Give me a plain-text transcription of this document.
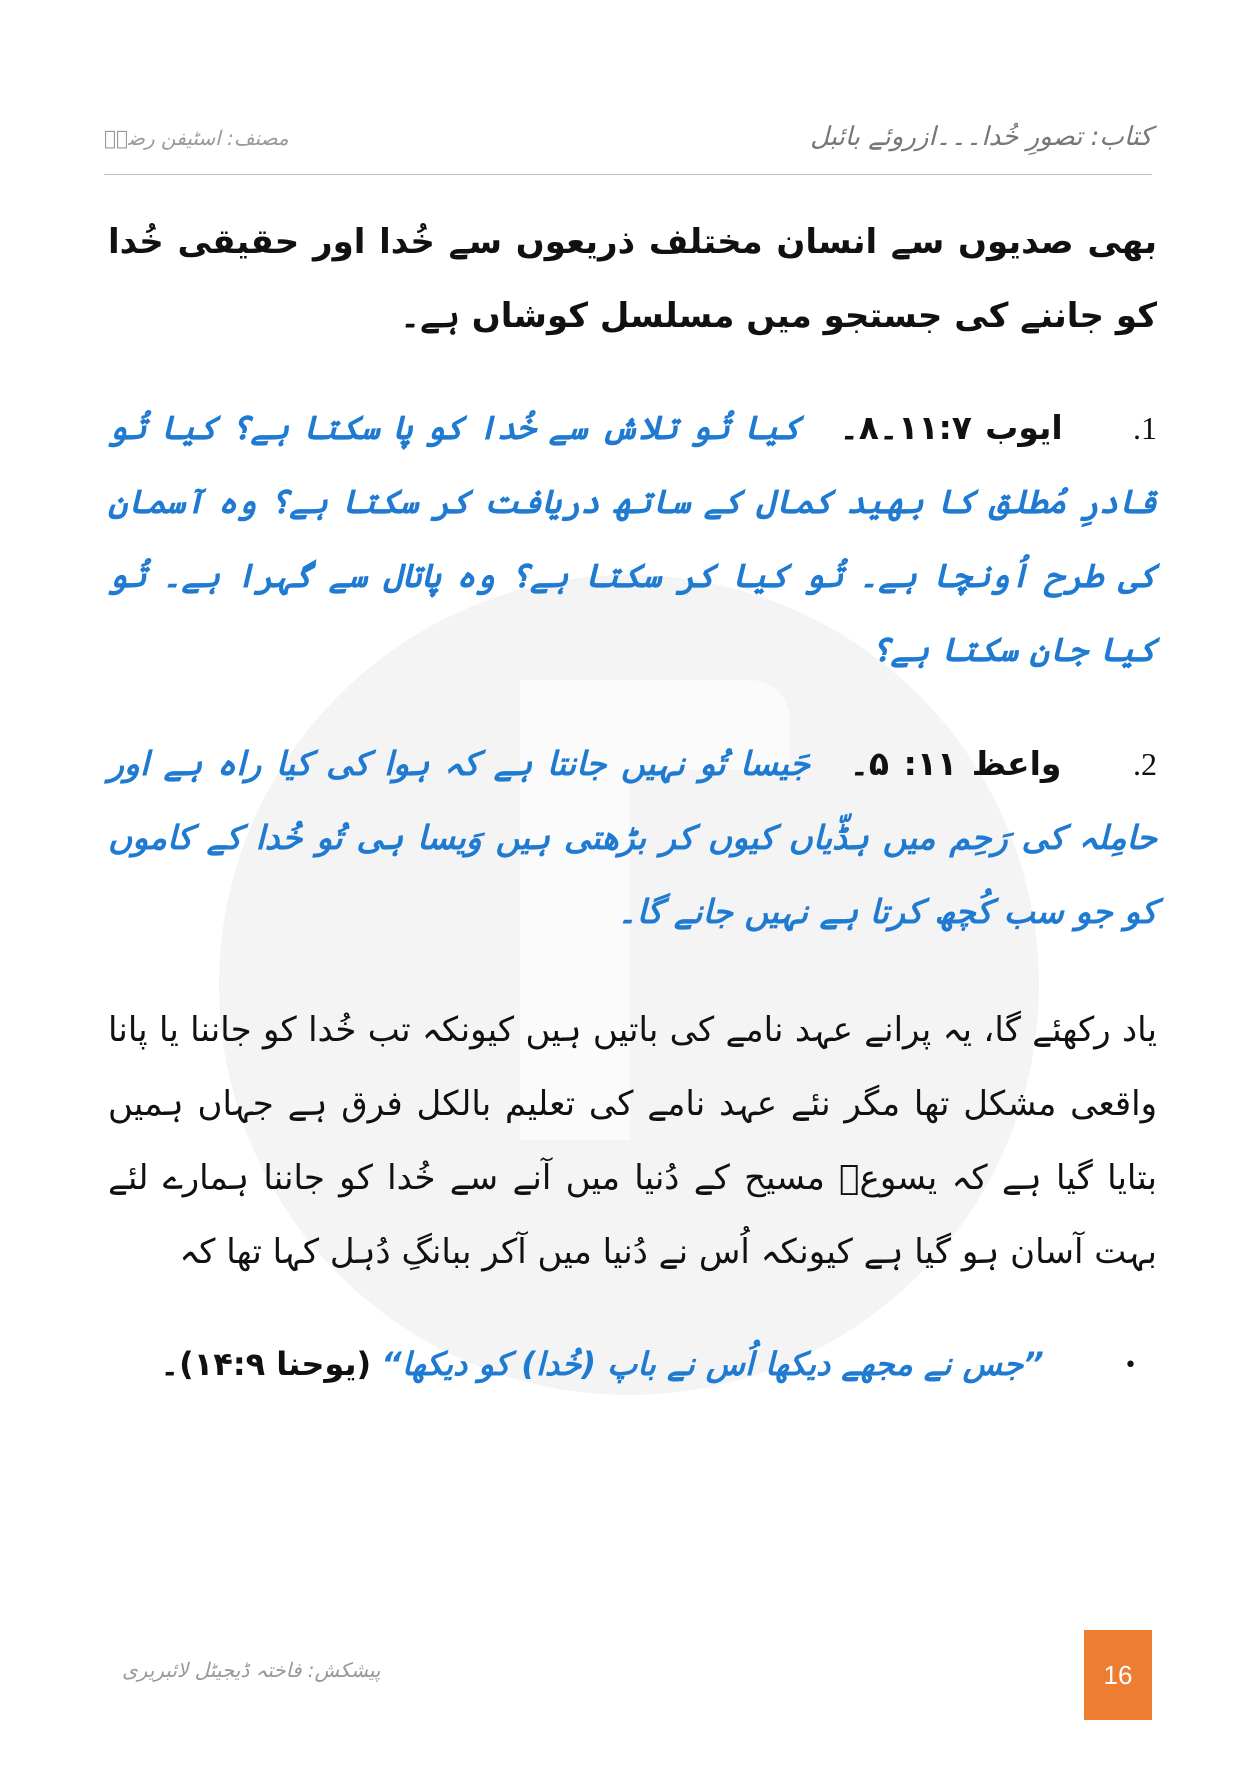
کتاب: تصورِ خُدا۔۔۔ازروئے بائبل
مصنف: اسٹیفن رضاؔ

بھی صدیوں سے انسان مختلف ذریعوں سے خُدا اور حقیقی خُدا کو جاننے کی جستجو میں مسلسل کوشاں ہے۔

1. ایوب ۱۱:۷۔۸۔ کیا تُو تلاش سے خُدا کو پا سکتا ہے؟ کیا تُو قادرِ مُطلق کا بھید کمال کے ساتھ دریافت کر سکتا ہے؟ وہ آسمان کی طرح اُونچا ہے۔ تُو کیا کر سکتا ہے؟ وہ پاتال سے گہرا ہے۔ تُو کیا جان سکتا ہے؟

2. واعظ ۱۱: ۵۔ جَیسا تُو نہیں جانتا ہے کہ ہوا کی کیا راہ ہے اور حامِلہ کی رَحِم میں ہڈّیاں کیوں کر بڑھتی ہیں وَیسا ہی تُو خُدا کے کاموں کو جو سب کُچھ کرتا ہے نہیں جانے گا۔

یاد رکھئے گا، یہ پرانے عہد نامے کی باتیں ہیں کیونکہ تب خُدا کو جاننا یا پانا واقعی مشکل تھا مگر نئے عہد نامے کی تعلیم بالکل فرق ہے جہاں ہمیں بتایا گیا ہے کہ یسوعؔ مسیح کے دُنیا میں آنے سے خُدا کو جاننا ہمارے لئے بہت آسان ہو گیا ہے کیونکہ اُس نے دُنیا میں آکر ببانگِ دُہل کہا تھا کہ

• ”جس نے مجھے دیکھا اُس نے باپ (خُدا) کو دیکھا“ (یوحنا ۱۴:۹)۔
پیشکش: فاختہ ڈیجیٹل لائبریری	16
